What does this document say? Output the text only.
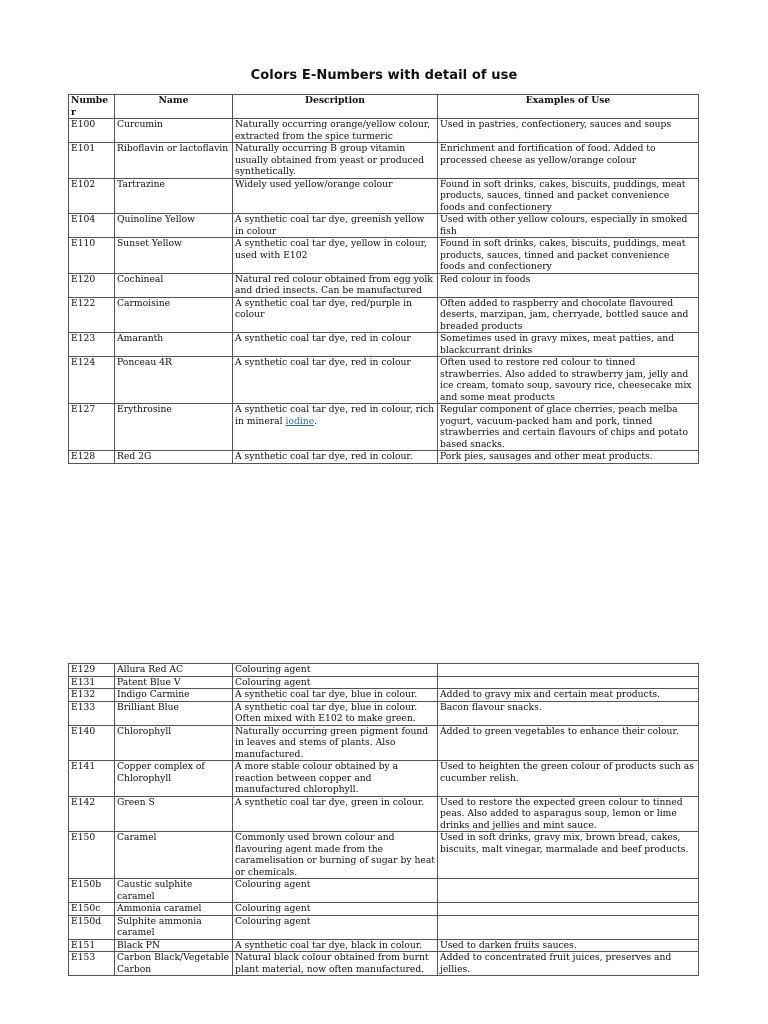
Colors E-Numbers with detail of use
Number	Name	Description	Examples of Use
E100	Curcumin	Naturally occurring orange/yellow colour, extracted from the spice turmeric	Used in pastries, confectionery, sauces and soups
E101	Riboflavin or lactoflavin	Naturally occurring B group vitamin usually obtained from yeast or produced synthetically.	Enrichment and fortification of food. Added to processed cheese as yellow/orange colour
E102	Tartrazine	Widely used yellow/orange colour	Found in soft drinks, cakes, biscuits, puddings, meat products, sauces, tinned and packet convenience foods and confectionery
E104	Quinoline Yellow	A synthetic coal tar dye, greenish yellow in colour	Used with other yellow colours, especially in smoked fish
E110	Sunset Yellow	A synthetic coal tar dye, yellow in colour, used with E102	Found in soft drinks, cakes, biscuits, puddings, meat products, sauces, tinned and packet convenience foods and confectionery
E120	Cochineal	Natural red colour obtained from egg yolk and dried insects. Can be manufactured	Red colour in foods
E122	Carmoisine	A synthetic coal tar dye, red/purple in colour	Often added to raspberry and chocolate flavoured deserts, marzipan, jam, cherryade, bottled sauce and breaded products
E123	Amaranth	A synthetic coal tar dye, red in colour	Sometimes used in gravy mixes, meat patties, and blackcurrant drinks
E124	Ponceau 4R	A synthetic coal tar dye, red in colour	Often used to restore red colour to tinned strawberries. Also added to strawberry jam, jelly and ice cream, tomato soup, savoury rice, cheesecake mix and some meat products
E127	Erythrosine	A synthetic coal tar dye, red in colour, rich in mineral iodine.	Regular component of glace cherries, peach melba yogurt, vacuum-packed ham and pork, tinned strawberries and certain flavours of chips and potato based snacks.
E128	Red 2G	A synthetic coal tar dye, red in colour.	Pork pies, sausages and other meat products.
E129	Allura Red AC	Colouring agent	
E131	Patent Blue V	Colouring agent	
E132	Indigo Carmine	A synthetic coal tar dye, blue in colour.	Added to gravy mix and certain meat products.
E133	Brilliant Blue	A synthetic coal tar dye, blue in colour. Often mixed with E102 to make green.	Bacon flavour snacks.
E140	Chlorophyll	Naturally occurring green pigment found in leaves and stems of plants. Also manufactured.	Added to green vegetables to enhance their colour.
E141	Copper complex of Chlorophyll	A more stable colour obtained by a reaction between copper and manufactured chlorophyll.	Used to heighten the green colour of products such as cucumber relish.
E142	Green S	A synthetic coal tar dye, green in colour.	Used to restore the expected green colour to tinned peas. Also added to asparagus soup, lemon or lime drinks and jellies and mint sauce.
E150	Caramel	Commonly used brown colour and flavouring agent made from the caramelisation or burning of sugar by heat or chemicals.	Used in soft drinks, gravy mix, brown bread, cakes, biscuits, malt vinegar, marmalade and beef products.
E150b	Caustic sulphite caramel	Colouring agent	
E150c	Ammonia caramel	Colouring agent	
E150d	Sulphite ammonia caramel	Colouring agent	
E151	Black PN	A synthetic coal tar dye, black in colour.	Used to darken fruits sauces.
E153	Carbon Black/Vegetable Carbon	Natural black colour obtained from burnt plant material, now often manufactured.	Added to concentrated fruit juices, preserves and jellies.
